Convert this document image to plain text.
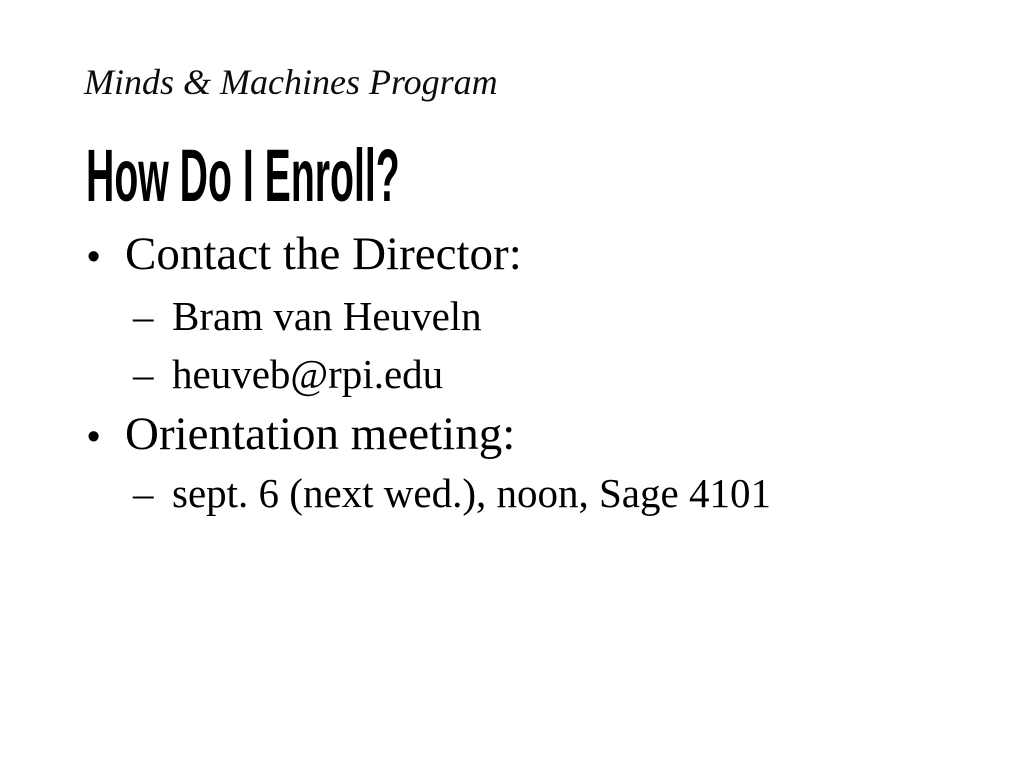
Minds & Machines Program
How Do I Enroll?
• Contact the Director:
– Bram van Heuveln
– heuveb@rpi.edu
• Orientation meeting:
– sept. 6 (next wed.), noon, Sage 4101
